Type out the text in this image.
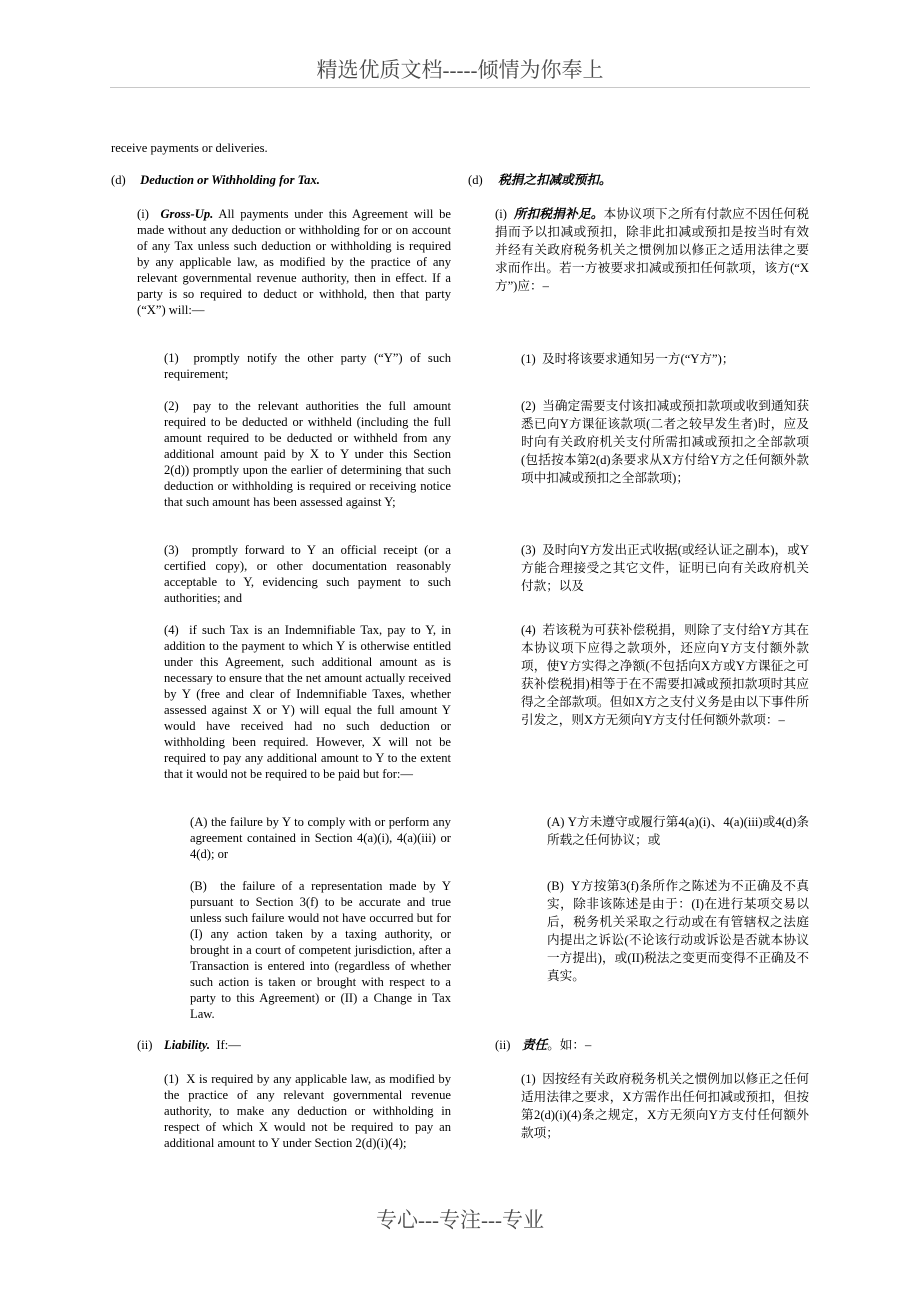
精选优质文档-----倾情为你奉上
专心---专注---专业
receive payments or deliveries.
(d) Deduction or Withholding for Tax.
(i) Gross-Up. All payments under this Agreement will be made without any deduction or withholding for or on account of any Tax unless such deduction or withholding is required by any applicable law, as modified by the practice of any relevant governmental revenue authority, then in effect. If a party is so required to deduct or withhold, then that party (“X”) will:—
(1) promptly notify the other party (“Y”) of such requirement;
(2) pay to the relevant authorities the full amount required to be deducted or withheld (including the full amount required to be deducted or withheld from any additional amount paid by X to Y under this Section 2(d)) promptly upon the earlier of determining that such deduction or withholding is required or receiving notice that such amount has been assessed against Y;
(3) promptly forward to Y an official receipt (or a certified copy), or other documentation reasonably acceptable to Y, evidencing such payment to such authorities; and
(4) if such Tax is an Indemnifiable Tax, pay to Y, in addition to the payment to which Y is otherwise entitled under this Agreement, such additional amount as is necessary to ensure that the net amount actually received by Y (free and clear of Indemnifiable Taxes, whether assessed against X or Y) will equal the full amount Y would have received had no such deduction or withholding been required. However, X will not be required to pay any additional amount to Y to the extent that it would not be required to be paid but for:—
(A) the failure by Y to comply with or perform any agreement contained in Section 4(a)(i), 4(a)(iii) or 4(d); or
(B) the failure of a representation made by Y pursuant to Section 3(f) to be accurate and true unless such failure would not have occurred but for (I) any action taken by a taxing authority, or brought in a court of competent jurisdiction, after a Transaction is entered into (regardless of whether such action is taken or brought with respect to a party to this Agreement) or (II) a Change in Tax Law.
(ii) Liability. If:—
(1) X is required by any applicable law, as modified by the practice of any relevant governmental revenue authority, to make any deduction or withholding in respect of which X would not be required to pay an additional amount to Y under Section 2(d)(i)(4);
(d) 税捐之扣减或预扣。
(i) 所扣税捐补足。本协议项下之所有付款应不因任何税捐而予以扣减或预扣，除非此扣减或预扣是按当时有效并经有关政府税务机关之惯例加以修正之适用法律之要求而作出。若一方被要求扣减或预扣任何款项，该方(“X方”)应：–
(1) 及时将该要求通知另一方(“Y方”)；
(2) 当确定需要支付该扣减或预扣款项或收到通知获悉已向Y方课征该款项(二者之较早发生者)时，应及时向有关政府机关支付所需扣减或预扣之全部款项(包括按本第2(d)条要求从X方付给Y方之任何额外款项中扣减或预扣之全部款项)；
(3) 及时向Y方发出正式收据(或经认证之副本)，或Y方能合理接受之其它文件，证明已向有关政府机关付款；以及
(4) 若该税为可获补偿税捐，则除了支付给Y方其在本协议项下应得之款项外，还应向Y方支付额外款项，使Y方实得之净额(不包括向X方或Y方课征之可获补偿税捐)相等于在不需要扣减或预扣款项时其应得之全部款项。但如X方之支付义务是由以下事件所引发之，则X方无须向Y方支付任何额外款项：–
(A) Y方未遵守或履行第4(a)(i)、4(a)(iii)或4(d)条所载之任何协议；或
(B) Y方按第3(f)条所作之陈述为不正确及不真实，除非该陈述是由于：(I)在进行某项交易以后，税务机关采取之行动或在有管辖权之法庭内提出之诉讼(不论该行动或诉讼是否就本协议一方提出)，或(II)税法之变更而变得不正确及不真实。
(ii) 责任。如：–
(1) 因按经有关政府税务机关之惯例加以修正之任何适用法律之要求，X方需作出任何扣减或预扣，但按第2(d)(i)(4)条之规定，X方无须向Y方支付任何额外款项；
